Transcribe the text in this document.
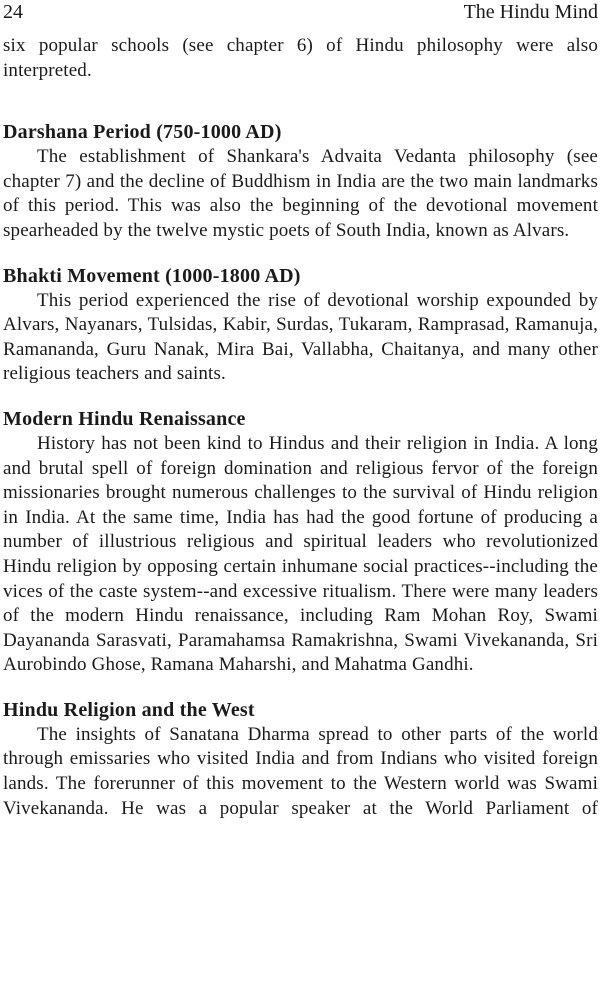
24	The Hindu Mind

six popular schools (see chapter 6) of Hindu philosophy were also interpreted.

Darshana Period (750-1000 AD)

The establishment of Shankara's Advaita Vedanta philosophy (see chapter 7) and the decline of Buddhism in India are the two main landmarks of this period. This was also the beginning of the devotional movement spearheaded by the twelve mystic poets of South India, known as Alvars.

Bhakti Movement (1000-1800 AD)

This period experienced the rise of devotional worship expounded by Alvars, Nayanars, Tulsidas, Kabir, Surdas, Tukaram, Ramprasad, Ramanuja, Ramananda, Guru Nanak, Mira Bai, Vallabha, Chaitanya, and many other religious teachers and saints.

Modern Hindu Renaissance

History has not been kind to Hindus and their religion in India. A long and brutal spell of foreign domination and religious fervor of the foreign missionaries brought numerous challenges to the survival of Hindu religion in India. At the same time, India has had the good fortune of producing a number of illustrious religious and spiritual leaders who revolutionized Hindu religion by opposing certain inhumane social practices--including the vices of the caste system--and excessive ritualism. There were many leaders of the modern Hindu renaissance, including Ram Mohan Roy, Swami Dayananda Sarasvati, Paramahamsa Ramakrishna, Swami Vivekananda, Sri Aurobindo Ghose, Ramana Maharshi, and Mahatma Gandhi.

Hindu Religion and the West

The insights of Sanatana Dharma spread to other parts of the world through emissaries who visited India and from Indians who visited foreign lands. The forerunner of this movement to the Western world was Swami Vivekananda. He was a popular speaker at the World Parliament of
